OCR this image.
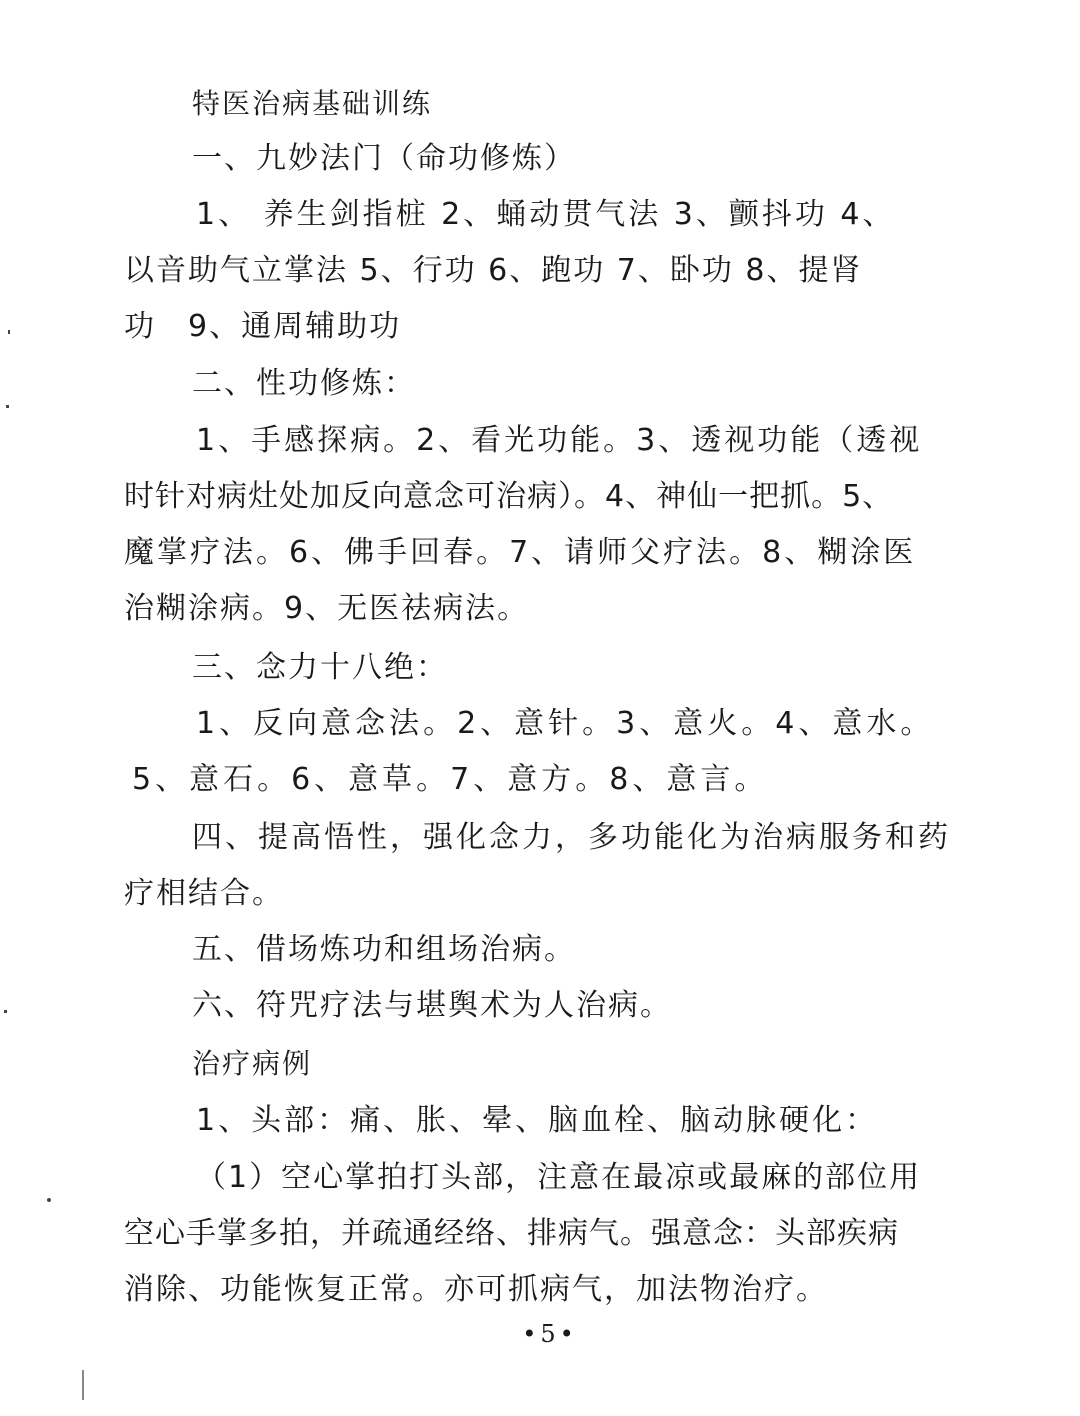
特医治病基础训练
一、九妙法门（命功修炼）
1、 养生剑指桩 2、蛹动贯气法 3、颤抖功 4、
以音助气立掌法 5、行功 6、跑功 7、卧功 8、提肾
功　9、通周辅助功
二、性功修炼：
1、手感探病。2、看光功能。3、透视功能（透视
时针对病灶处加反向意念可治病）。4、神仙一把抓。5、
魔掌疗法。6、佛手回春。7、请师父疗法。8、糊涂医
治糊涂病。9、无医祛病法。
三、念力十八绝：
1、反向意念法。2、意针。3、意火。4、意水。
5、意石。6、意草。7、意方。8、意言。
四、提高悟性，强化念力，多功能化为治病服务和药
疗相结合。
五、借场炼功和组场治病。
六、符咒疗法与堪舆术为人治病。
治疗病例
1、头部：痛、胀、晕、脑血栓、脑动脉硬化：
（1）空心掌拍打头部，注意在最凉或最麻的部位用
空心手掌多拍，并疏通经络、排病气。强意念：头部疾病
消除、功能恢复正常。亦可抓病气，加法物治疗。
•5•
